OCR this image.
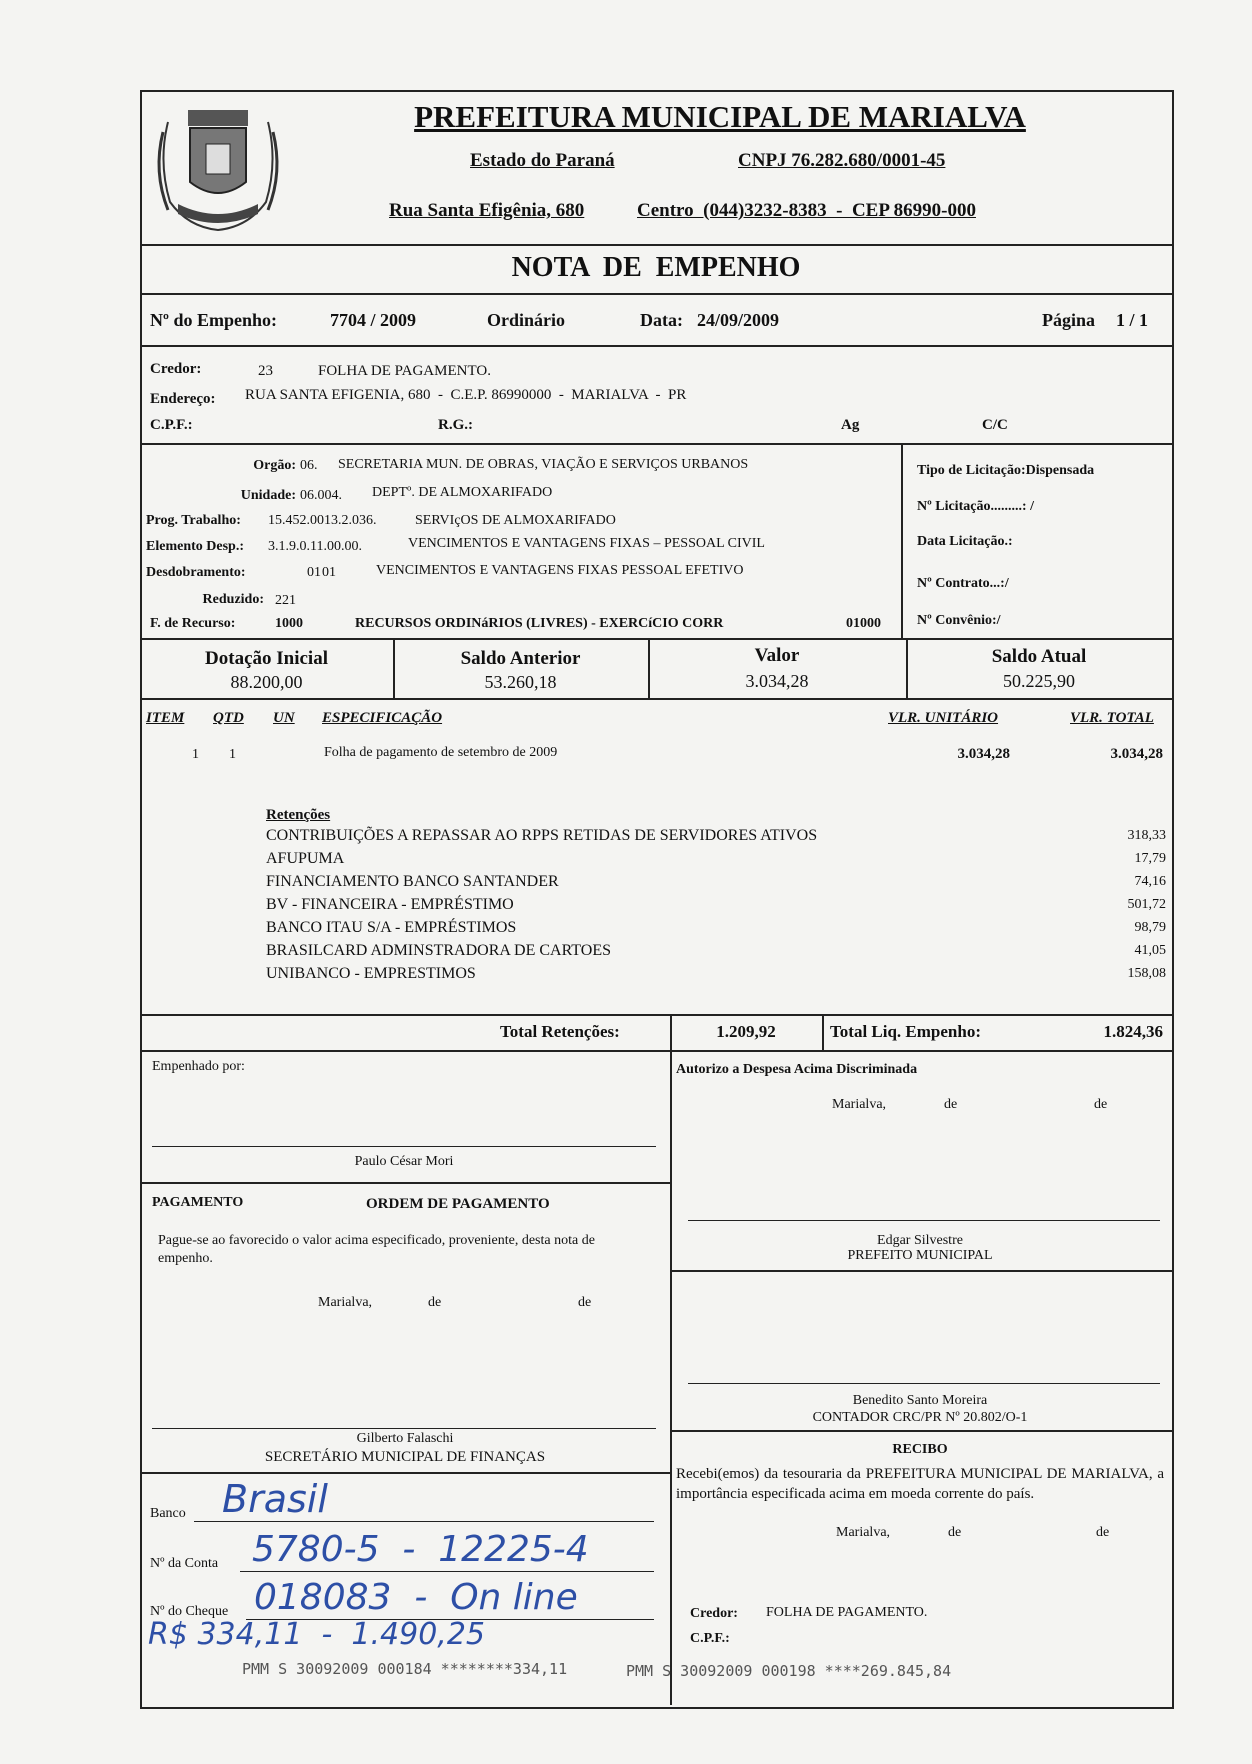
PREFEITURA MUNICIPAL DE MARIALVA
Estado do Paraná	CNPJ 76.282.680/0001-45
Rua Santa Efigênia, 680	Centro  (044)3232-8383  -  CEP 86990-000
NOTA  DE  EMPENHO
Nº do Empenho:	7704 / 2009	Ordinário	Data: 24/09/2009	Página 1 / 1
Credor:	23	FOLHA DE PAGAMENTO.
Endereço: RUA SANTA EFIGENIA, 680  -  C.E.P. 86990000  -  MARIALVA  -  PR
C.P.F.:	R.G.:	Ag	C/C
Orgão: 06. SECRETARIA MUN. DE OBRAS, VIAÇÃO E SERVIÇOS URBANOS
Unidade: 06.004. DEPTº. DE ALMOXARIFADO
Prog. Trabalho: 15.452.0013.2.036.	SERVIçOS DE ALMOXARIFADO
Elemento Desp.: 3.1.9.0.11.00.00.	VENCIMENTOS E VANTAGENS FIXAS – PESSOAL CIVIL
Desdobramento:	01 01	VENCIMENTOS E VANTAGENS FIXAS PESSOAL EFETIVO
Reduzido: 221
F. de Recurso:	1000	RECURSOS ORDINáRIOS (LIVRES) - EXERCíCIO CORR	01000
Tipo de Licitação:Dispensada
Nº Licitação.........: /
Data Licitação.:
Nº Contrato...:/
Nº Convênio:/
Dotação Inicial
88.200,00
Saldo Anterior
53.260,18
Valor
3.034,28
Saldo Atual
50.225,90
ITEM QTD UN ESPECIFICAÇÃO	VLR. UNITÁRIO	VLR. TOTAL
1 1	Folha de pagamento de setembro de 2009	3.034,28	3.034,28
Retenções
CONTRIBUIÇÕES A REPASSAR AO RPPS RETIDAS DE SERVIDORES ATIVOS	318,33
AFUPUMA	17,79
FINANCIAMENTO BANCO SANTANDER	74,16
BV - FINANCEIRA - EMPRÉSTIMO	501,72
BANCO ITAU S/A - EMPRÉSTIMOS	98,79
BRASILCARD ADMINSTRADORA DE CARTOES	41,05
UNIBANCO - EMPRESTIMOS	158,08
Total Retenções:	1.209,92	Total Liq. Empenho:	1.824,36
Empenhado por:
Paulo César Mori
Autorizo a Despesa Acima Discriminada
Marialva,	de	de
Edgar Silvestre
PREFEITO MUNICIPAL
PAGAMENTO	ORDEM DE PAGAMENTO
Pague-se ao favorecido o valor acima especificado, proveniente, desta nota de empenho.
Marialva,	de	de
Benedito Santo Moreira
CONTADOR CRC/PR Nº 20.802/O-1
Gilberto Falaschi
SECRETÁRIO MUNICIPAL DE FINANÇAS	RECIBO
Recebi(emos) da tesouraria da PREFEITURA MUNICIPAL DE MARIALVA, a importância especificada acima em moeda corrente do país.
Marialva,	de	de
Credor: FOLHA DE PAGAMENTO.
C.P.F.:
Banco Brasil
Nº da Conta 5780-5  -  12225-4
Nº do Cheque 018083  -  On line
R$ 334,11  -  1.490,25
PMM S 30092009 000184 ********334,11	PMM S 30092009 000198 ****269.845,84
